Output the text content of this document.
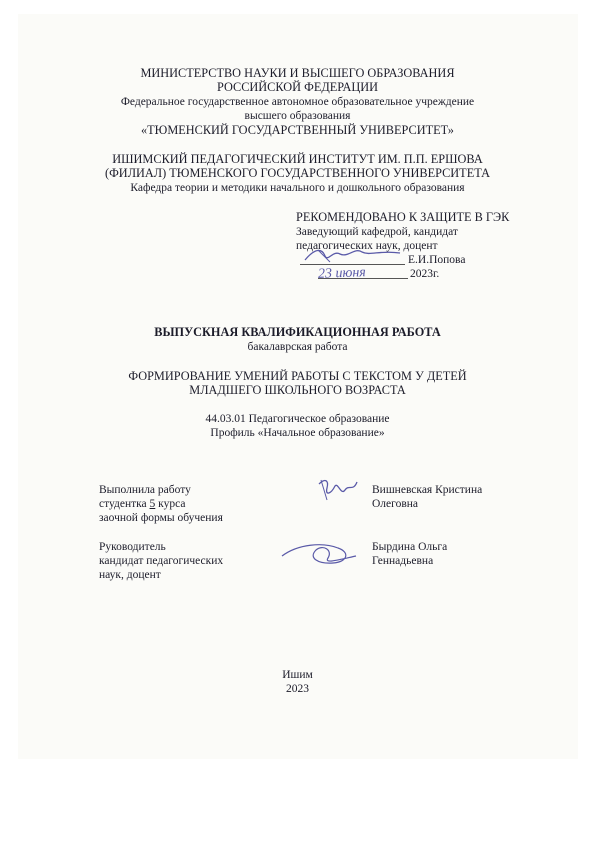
МИНИСТЕРСТВО НАУКИ И ВЫСШЕГО ОБРАЗОВАНИЯ
РОССИЙСКОЙ ФЕДЕРАЦИИ
Федеральное государственное автономное образовательное учреждение
высшего образования
«ТЮМЕНСКИЙ ГОСУДАРСТВЕННЫЙ УНИВЕРСИТЕТ»
ИШИМСКИЙ ПЕДАГОГИЧЕСКИЙ ИНСТИТУТ ИМ. П.П. ЕРШОВА
(ФИЛИАЛ) ТЮМЕНСКОГО ГОСУДАРСТВЕННОГО УНИВЕРСИТЕТА
Кафедра теории и методики начального и дошкольного образования
РЕКОМЕНДОВАНО К ЗАЩИТЕ В ГЭК
Заведующий кафедрой, кандидат
педагогических наук, доцент
Е.И.Попова
2023г.
23 июня
ВЫПУСКНАЯ КВАЛИФИКАЦИОННАЯ РАБОТА
бакалаврская работа
ФОРМИРОВАНИЕ УМЕНИЙ РАБОТЫ С ТЕКСТОМ У ДЕТЕЙ
МЛАДШЕГО ШКОЛЬНОГО ВОЗРАСТА
44.03.01 Педагогическое образование
Профиль «Начальное образование»
Выполнила работу
студентка 5 курса
заочной формы обучения
Вишневская Кристина
Олеговна
Руководитель
кандидат педагогических
наук, доцент
Бырдина Ольга
Геннадьевна
Ишим
2023
